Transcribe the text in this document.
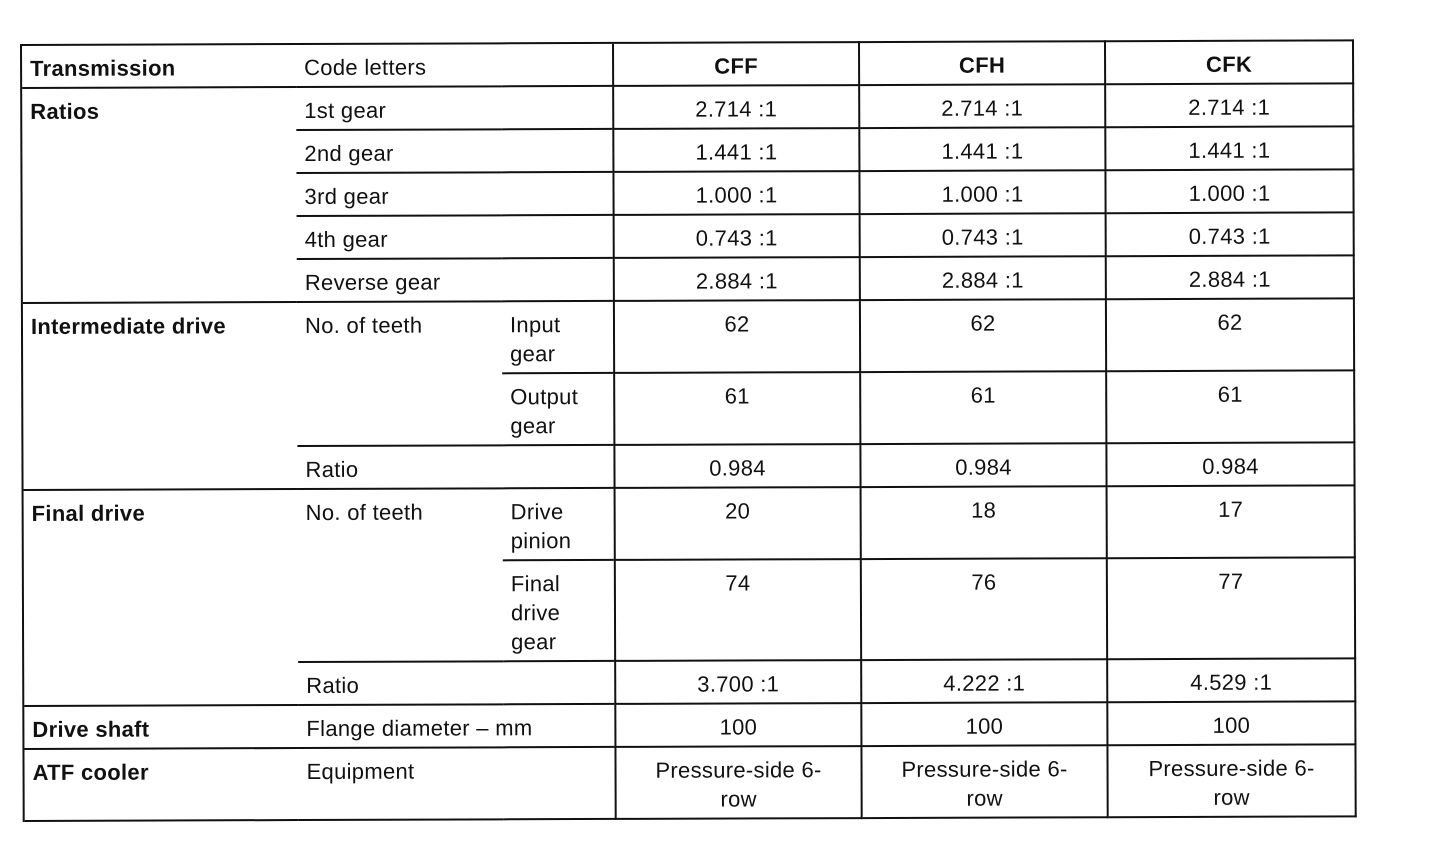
Transmission	Code letters		CFF	CFH	CFK
Ratios	1st gear		2.714 :1	2.714 :1	2.714 :1
	2nd gear		1.441 :1	1.441 :1	1.441 :1
	3rd gear		1.000 :1	1.000 :1	1.000 :1
	4th gear		0.743 :1	0.743 :1	0.743 :1
	Reverse gear		2.884 :1	2.884 :1	2.884 :1
Intermediate drive	No. of teeth	Input gear	62	62	62
		Output gear	61	61	61
	Ratio		0.984	0.984	0.984
Final drive	No. of teeth	Drive pinion	20	18	17
		Final drive gear	74	76	77
	Ratio		3.700 :1	4.222 :1	4.529 :1
Drive shaft	Flange diameter – mm		100	100	100
ATF cooler	Equipment		Pressure-side 6-row	Pressure-side 6-row	Pressure-side 6-row
